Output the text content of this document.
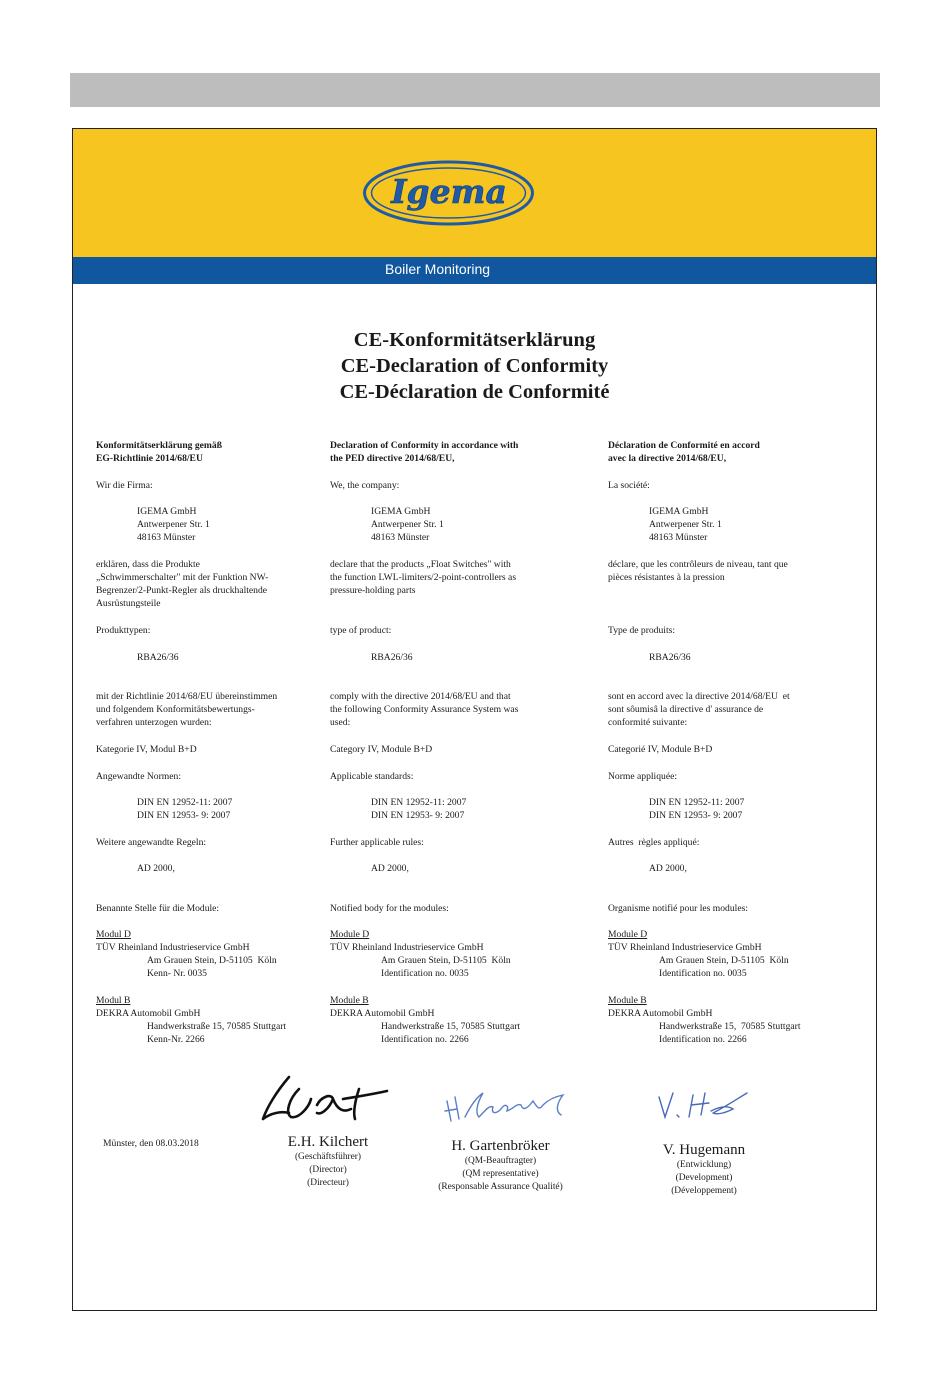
Igema
Boiler Monitoring
CE-Konformitätserklärung
CE-Declaration of Conformity
CE-Déclaration de Conformité
Konformitätserklärung gemäß
EG-Richtlinie 2014/68/EU
Wir die Firma:
IGEMA GmbH
Antwerpener Str. 1
48163 Münster
erklären, dass die Produkte
„Schwimmerschalter" mit der Funktion NW-
Begrenzer/2-Punkt-Regler als druckhaltende
Ausrüstungsteile
Produkttypen:
RBA26/36
mit der Richtlinie 2014/68/EU übereinstimmen
und folgendem Konformitätsbewertungs-
verfahren unterzogen wurden:
Kategorie IV, Modul B+D
Angewandte Normen:
DIN EN 12952-11: 2007
DIN EN 12953- 9: 2007
Weitere angewandte Regeln:
AD 2000,
Benannte Stelle für die Module:
Modul D
TÜV Rheinland Industrieservice GmbH
Am Grauen Stein, D-51105  Köln
Kenn- Nr. 0035
Modul B
DEKRA Automobil GmbH
Handwerkstraße 15, 70585 Stuttgart
Kenn-Nr. 2266
Declaration of Conformity in accordance with
the PED directive 2014/68/EU,
We, the company:
IGEMA GmbH
Antwerpener Str. 1
48163 Münster
declare that the products „Float Switches" with
the function LWL-limiters/2-point-controllers as
pressure-holding parts
type of product:
RBA26/36
comply with the directive 2014/68/EU and that
the following Conformity Assurance System was
used:
Category IV, Module B+D
Applicable standards:
DIN EN 12952-11: 2007
DIN EN 12953- 9: 2007
Further applicable rules:
AD 2000,
Notified body for the modules:
Module D
TÜV Rheinland Industrieservice GmbH
Am Grauen Stein, D-51105  Köln
Identification no. 0035
Module B
DEKRA Automobil GmbH
Handwerkstraße 15, 70585 Stuttgart
Identification no. 2266
Déclaration de Conformité en accord
avec la directive 2014/68/EU,
La société:
IGEMA GmbH
Antwerpener Str. 1
48163 Münster
déclare, que les contrôleurs de niveau, tant que
pièces résistantes à la pression
Type de produits:
RBA26/36
sont en accord avec la directive 2014/68/EU  et
sont sôumisâ la directive d' assurance de
conformité suivante:
Categorié IV, Module B+D
Norme appliquée:
DIN EN 12952-11: 2007
DIN EN 12953- 9: 2007
Autres  règles appliqué:
AD 2000,
Organisme notifié pour les modules:
Module D
TÜV Rheinland Industrieservice GmbH
Am Grauen Stein, D-51105  Köln
Identification no. 0035
Module B
DEKRA Automobil GmbH
Handwerkstraße 15,  70585 Stuttgart
Identification no. 2266
Münster, den 08.03.2018	E.H. Kilchert
(Geschäftsführer)
(Director)
(Directeur)
H. Gartenbröker
(QM-Beauftragter)
(QM representative)
(Responsable Assurance Qualité)
V. Hugemann
(Entwicklung)
(Development)
(Développement)
